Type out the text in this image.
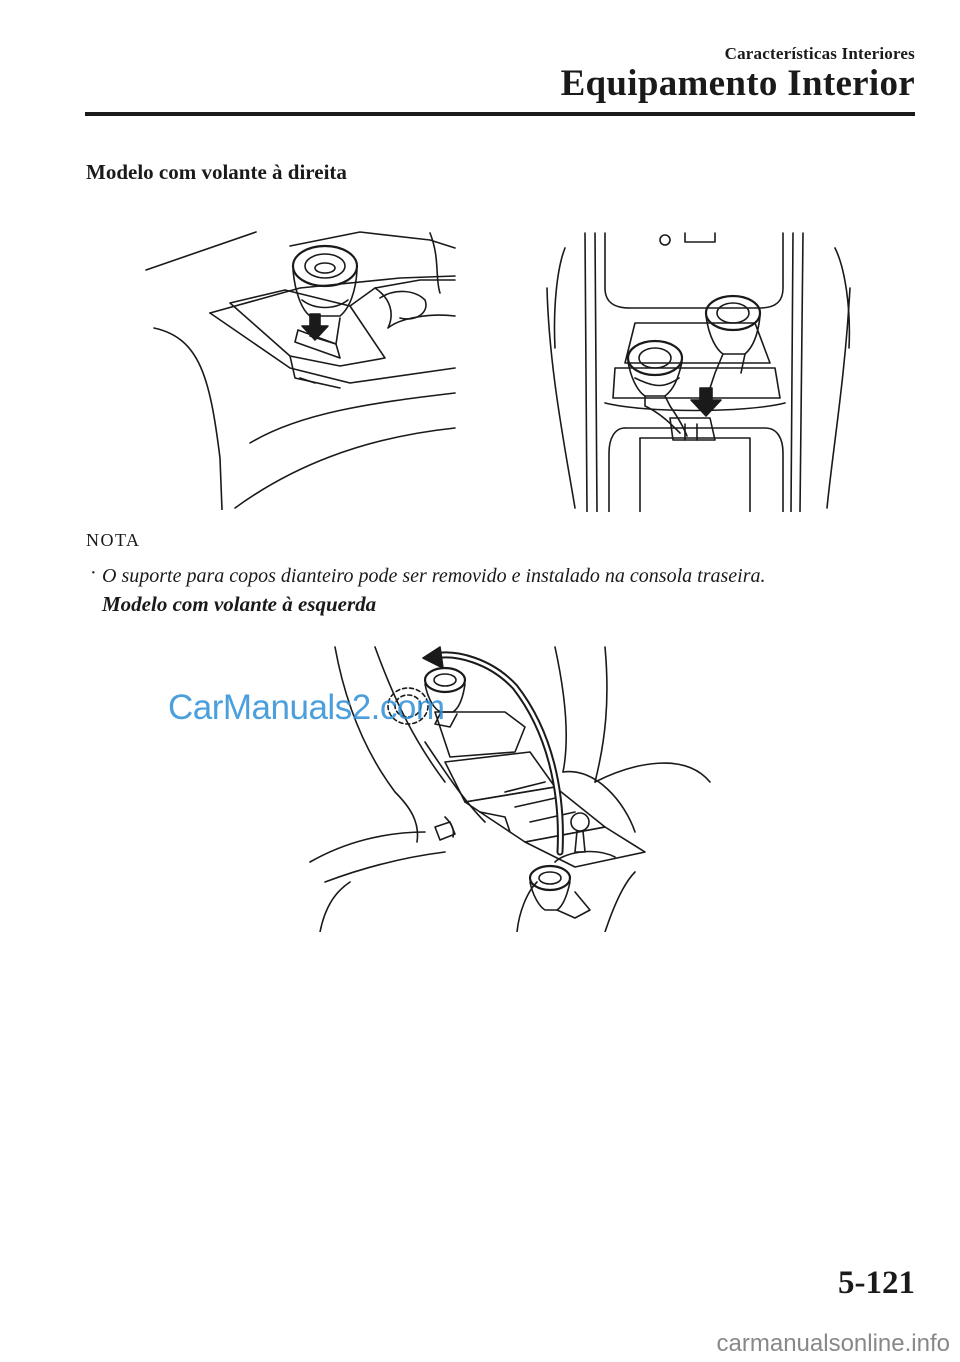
Características Interiores
Equipamento Interior
Modelo com volante à direita
NOTA
· O suporte para copos dianteiro pode ser removido e instalado na consola traseira.
Modelo com volante à esquerda
CarManuals2.com
5-121
carmanualsonline.info
